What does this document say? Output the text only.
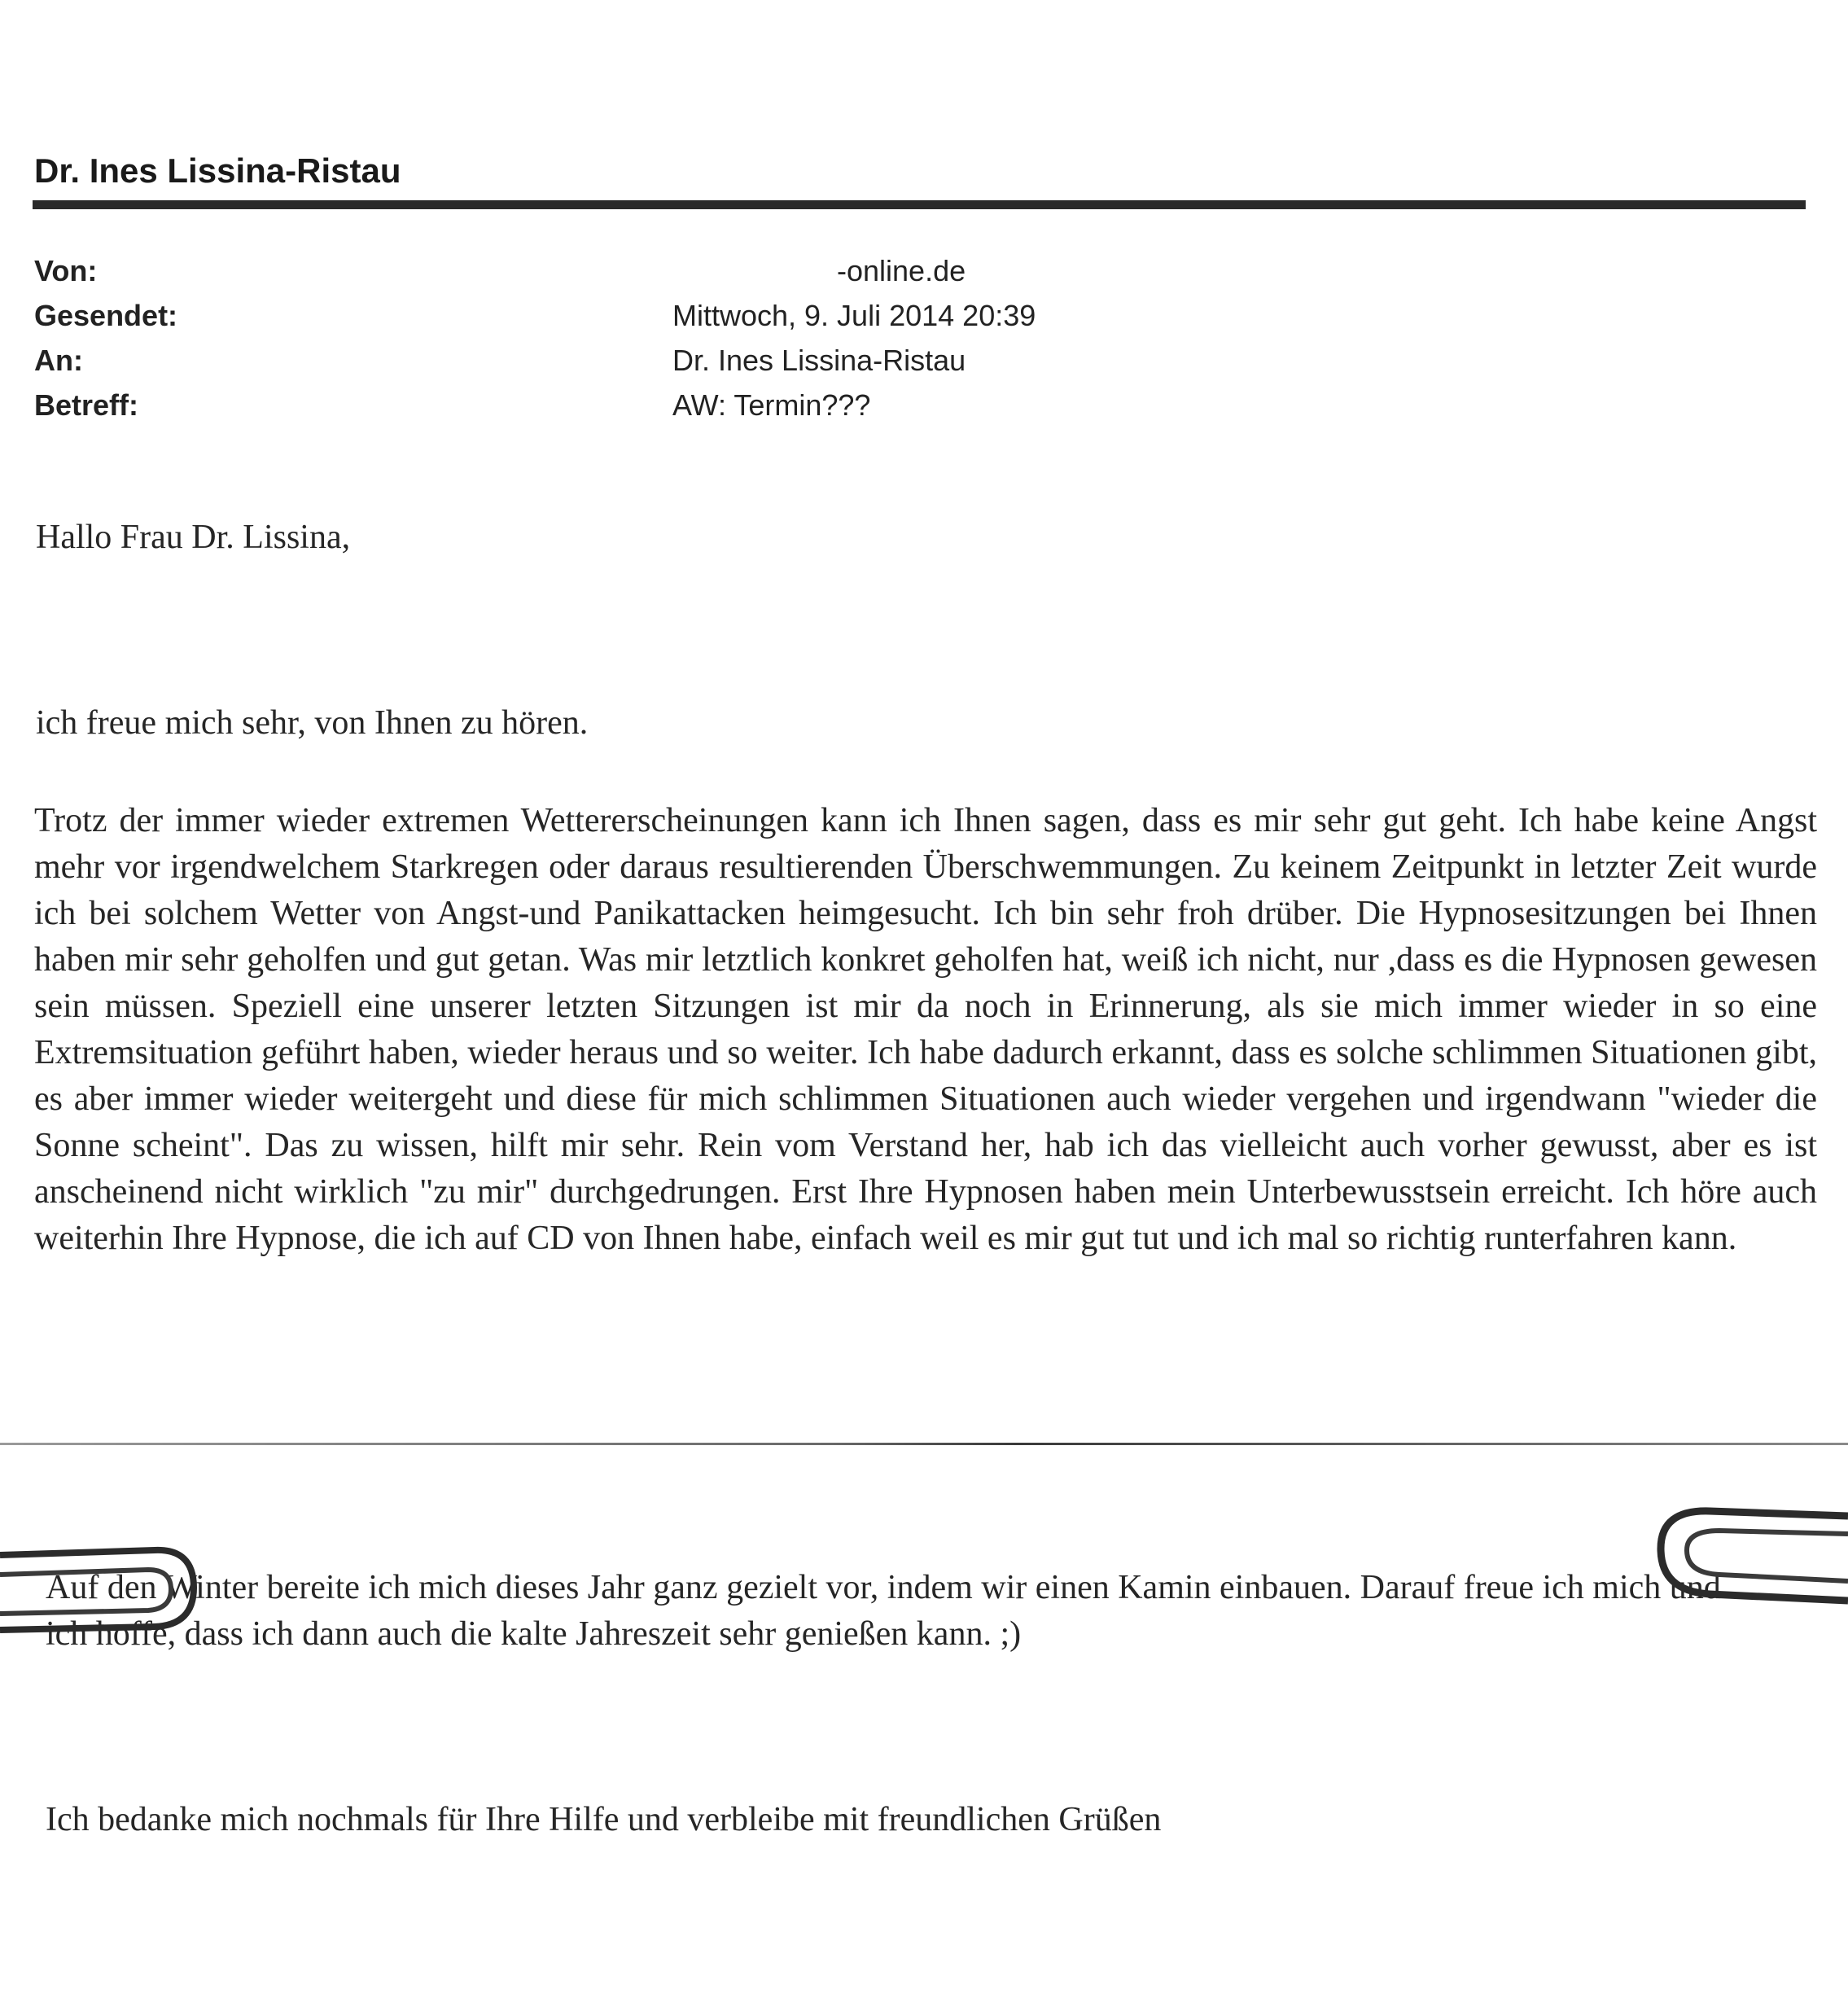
Dr. Ines Lissina-Ristau
Von:	-online.de
Gesendet:	Mittwoch, 9. Juli 2014 20:39
An:	Dr. Ines Lissina-Ristau
Betreff:	AW: Termin???

Hallo Frau Dr. Lissina,

ich freue mich sehr, von Ihnen zu hören.

Trotz der immer wieder extremen Wettererscheinungen kann ich Ihnen sagen, dass es mir sehr gut geht. Ich habe keine Angst mehr vor irgendwelchem Starkregen oder daraus resultierenden Überschwemmungen. Zu keinem Zeitpunkt in letzter Zeit wurde ich bei solchem Wetter von Angst-und Panikattacken heimgesucht. Ich bin sehr froh drüber. Die Hypnosesitzungen bei Ihnen haben mir sehr geholfen und gut getan. Was mir letztlich konkret geholfen hat, weiß ich nicht, nur ,dass es die Hypnosen gewesen sein müssen. Speziell eine unserer letzten Sitzungen ist mir da noch in Erinnerung, als sie mich immer wieder in so eine Extremsituation geführt haben, wieder heraus und so weiter. Ich habe dadurch erkannt, dass es solche schlimmen Situationen gibt, es aber immer wieder weitergeht und diese für mich schlimmen Situationen auch wieder vergehen und irgendwann "wieder die Sonne scheint". Das zu wissen, hilft mir sehr. Rein vom Verstand her, hab ich das vielleicht auch vorher gewusst, aber es ist anscheinend nicht wirklich "zu mir" durchgedrungen. Erst Ihre Hypnosen haben mein Unterbewusstsein erreicht. Ich höre auch weiterhin Ihre Hypnose, die ich auf CD von Ihnen habe, einfach weil es mir gut tut und ich mal so richtig runterfahren kann.

Auf den Winter bereite ich mich dieses Jahr ganz gezielt vor, indem wir einen Kamin einbauen. Darauf freue ich mich und ich hoffe, dass ich dann auch die kalte Jahreszeit sehr genießen kann. ;)

Ich bedanke mich nochmals für Ihre Hilfe und verbleibe mit freundlichen Grüßen
